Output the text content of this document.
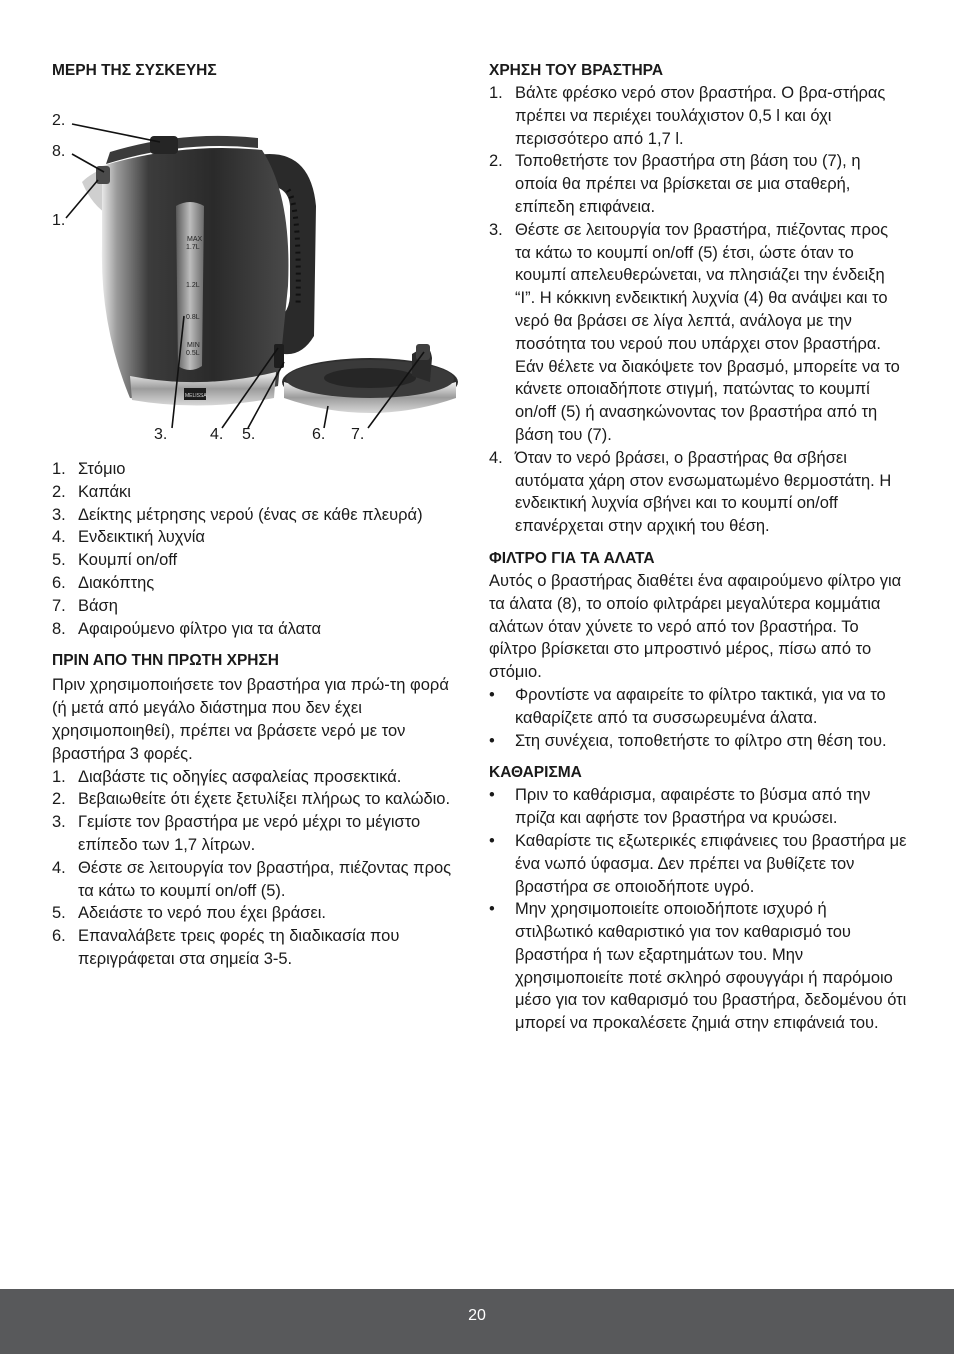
ΜΕΡΗ ΤΗΣ ΣΥΣΚΕΥΗΣ
MAX
1.7L
1.2L
0.8L
MIN
0.5L
MELISSA
2.
8.
1.
3.	4. 5.	6. 7.
1. Στόμιο
2. Καπάκι
3. Δείκτης μέτρησης νερού (ένας σε κάθε πλευρά)
4. Ενδεικτική λυχνία
5. Κουμπί on/off
6. Διακόπτης
7. Βάση
8. Αφαιρούμενο φίλτρο για τα άλατα
ΠΡΙΝ ΑΠΟ ΤΗΝ ΠΡΩΤΗ ΧΡΗΣΗ

Πριν χρησιμοποιήσετε τον βραστήρα για πρώ-τη φορά (ή μετά από μεγάλο διάστημα που δεν έχει χρησιμοποιηθεί), πρέπει να βράσετε νερό με τον βραστήρα 3 φορές.

1. Διαβάστε τις οδηγίες ασφαλείας προσεκτικά.
2. Βεβαιωθείτε ότι έχετε ξετυλίξει πλήρως το καλώδιο.
3. Γεμίστε τον βραστήρα με νερό μέχρι το μέγιστο επίπεδο των 1,7 λίτρων.
4. Θέστε σε λειτουργία τον βραστήρα, πιέζοντας προς τα κάτω το κουμπί on/off (5).
5. Αδειάστε το νερό που έχει βράσει.
6. Επαναλάβετε τρεις φορές τη διαδικασία που περιγράφεται στα σημεία 3-5.
ΧΡΗΣΗ ΤΟΥ ΒΡΑΣΤΗΡΑ
1. Βάλτε φρέσκο νερό στον βραστήρα. Ο βρα-στήρας πρέπει να περιέχει τουλάχιστον 0,5 l και όχι περισσότερο από 1,7 l.
2. Τοποθετήστε τον βραστήρα στη βάση του (7), η οποία θα πρέπει να βρίσκεται σε μια σταθερή, επίπεδη επιφάνεια.
3. Θέστε σε λειτουργία τον βραστήρα, πιέζοντας προς τα κάτω το κουμπί on/off (5) έτσι, ώστε όταν το κουμπί απελευθερώνεται, να πλησιάζει την ένδειξη “I”. Η κόκκινη ενδεικτική λυχνία (4) θα ανάψει και το νερό θα βράσει σε λίγα λεπτά, ανάλογα με την ποσότητα του νερού που υπάρχει στον βραστήρα. Εάν θέλετε να διακόψετε τον βρασμό, μπορείτε να το κάνετε οποιαδήποτε στιγμή, πατώντας το κουμπί on/off (5) ή ανασηκώνοντας τον βραστήρα από τη βάση του (7).
4. Όταν το νερό βράσει, ο βραστήρας θα σβήσει αυτόματα χάρη στον ενσωματωμένο θερμοστάτη. Η ενδεικτική λυχνία σβήνει και το κουμπί on/off επανέρχεται στην αρχική του θέση.
ΦΙΛΤΡΟ ΓΙΑ ΤΑ ΑΛΑΤΑ

Αυτός ο βραστήρας διαθέτει ένα αφαιρούμενο φίλτρο για τα άλατα (8), το οποίο φιλτράρει μεγαλύτερα κομμάτια αλάτων όταν χύνετε το νερό από τον βραστήρα. Το φίλτρο βρίσκεται στο μπροστινό μέρος, πίσω από το στόμιο.

• Φροντίστε να αφαιρείτε το φίλτρο τακτικά, για να το καθαρίζετε από τα συσσωρευμένα άλατα.
• Στη συνέχεια, τοποθετήστε το φίλτρο στη θέση του.
ΚΑΘΑΡΙΣΜΑ
• Πριν το καθάρισμα, αφαιρέστε το βύσμα από την πρίζα και αφήστε τον βραστήρα να κρυώσει.
• Καθαρίστε τις εξωτερικές επιφάνειες του βραστήρα με ένα νωπό ύφασμα. Δεν πρέπει να βυθίζετε τον βραστήρα σε οποιοδήποτε υγρό.
• Μην χρησιμοποιείτε οποιοδήποτε ισχυρό ή στιλβωτικό καθαριστικό για τον καθαρισμό του βραστήρα ή των εξαρτημάτων του. Μην χρησιμοποιείτε ποτέ σκληρό σφουγγάρι ή παρόμοιο μέσο για τον καθαρισμό του βραστήρα, δεδομένου ότι μπορεί να προκαλέσετε ζημιά στην επιφάνειά του.
20
